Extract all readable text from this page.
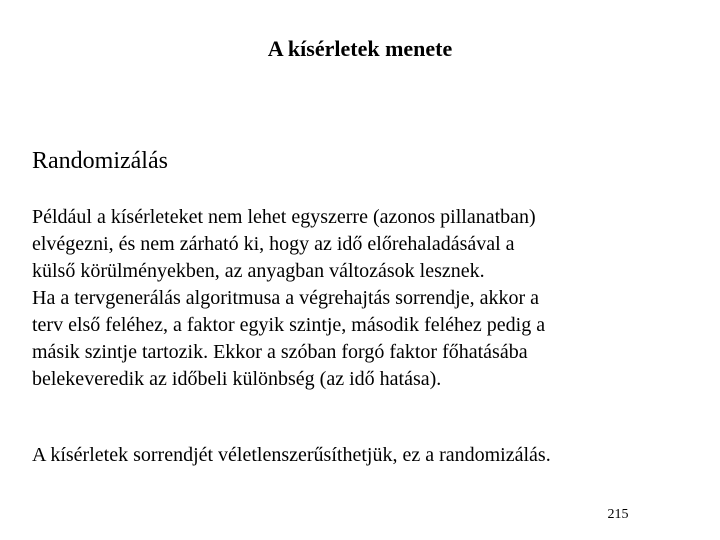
A kísérletek menete
Randomizálás
Például a kísérleteket nem lehet egyszerre (azonos pillanatban)
elvégezni, és nem zárható ki, hogy az idő előrehaladásával a
külső körülményekben, az anyagban változások lesznek.
Ha a tervgenerálás algoritmusa a végrehajtás sorrendje, akkor a
terv első feléhez, a faktor egyik szintje, második feléhez pedig a
másik szintje tartozik. Ekkor a szóban forgó faktor főhatásába
belekeveredik az időbeli különbség (az idő hatása).
A kísérletek sorrendjét véletlenszerűsíthetjük, ez a randomizálás.
215
